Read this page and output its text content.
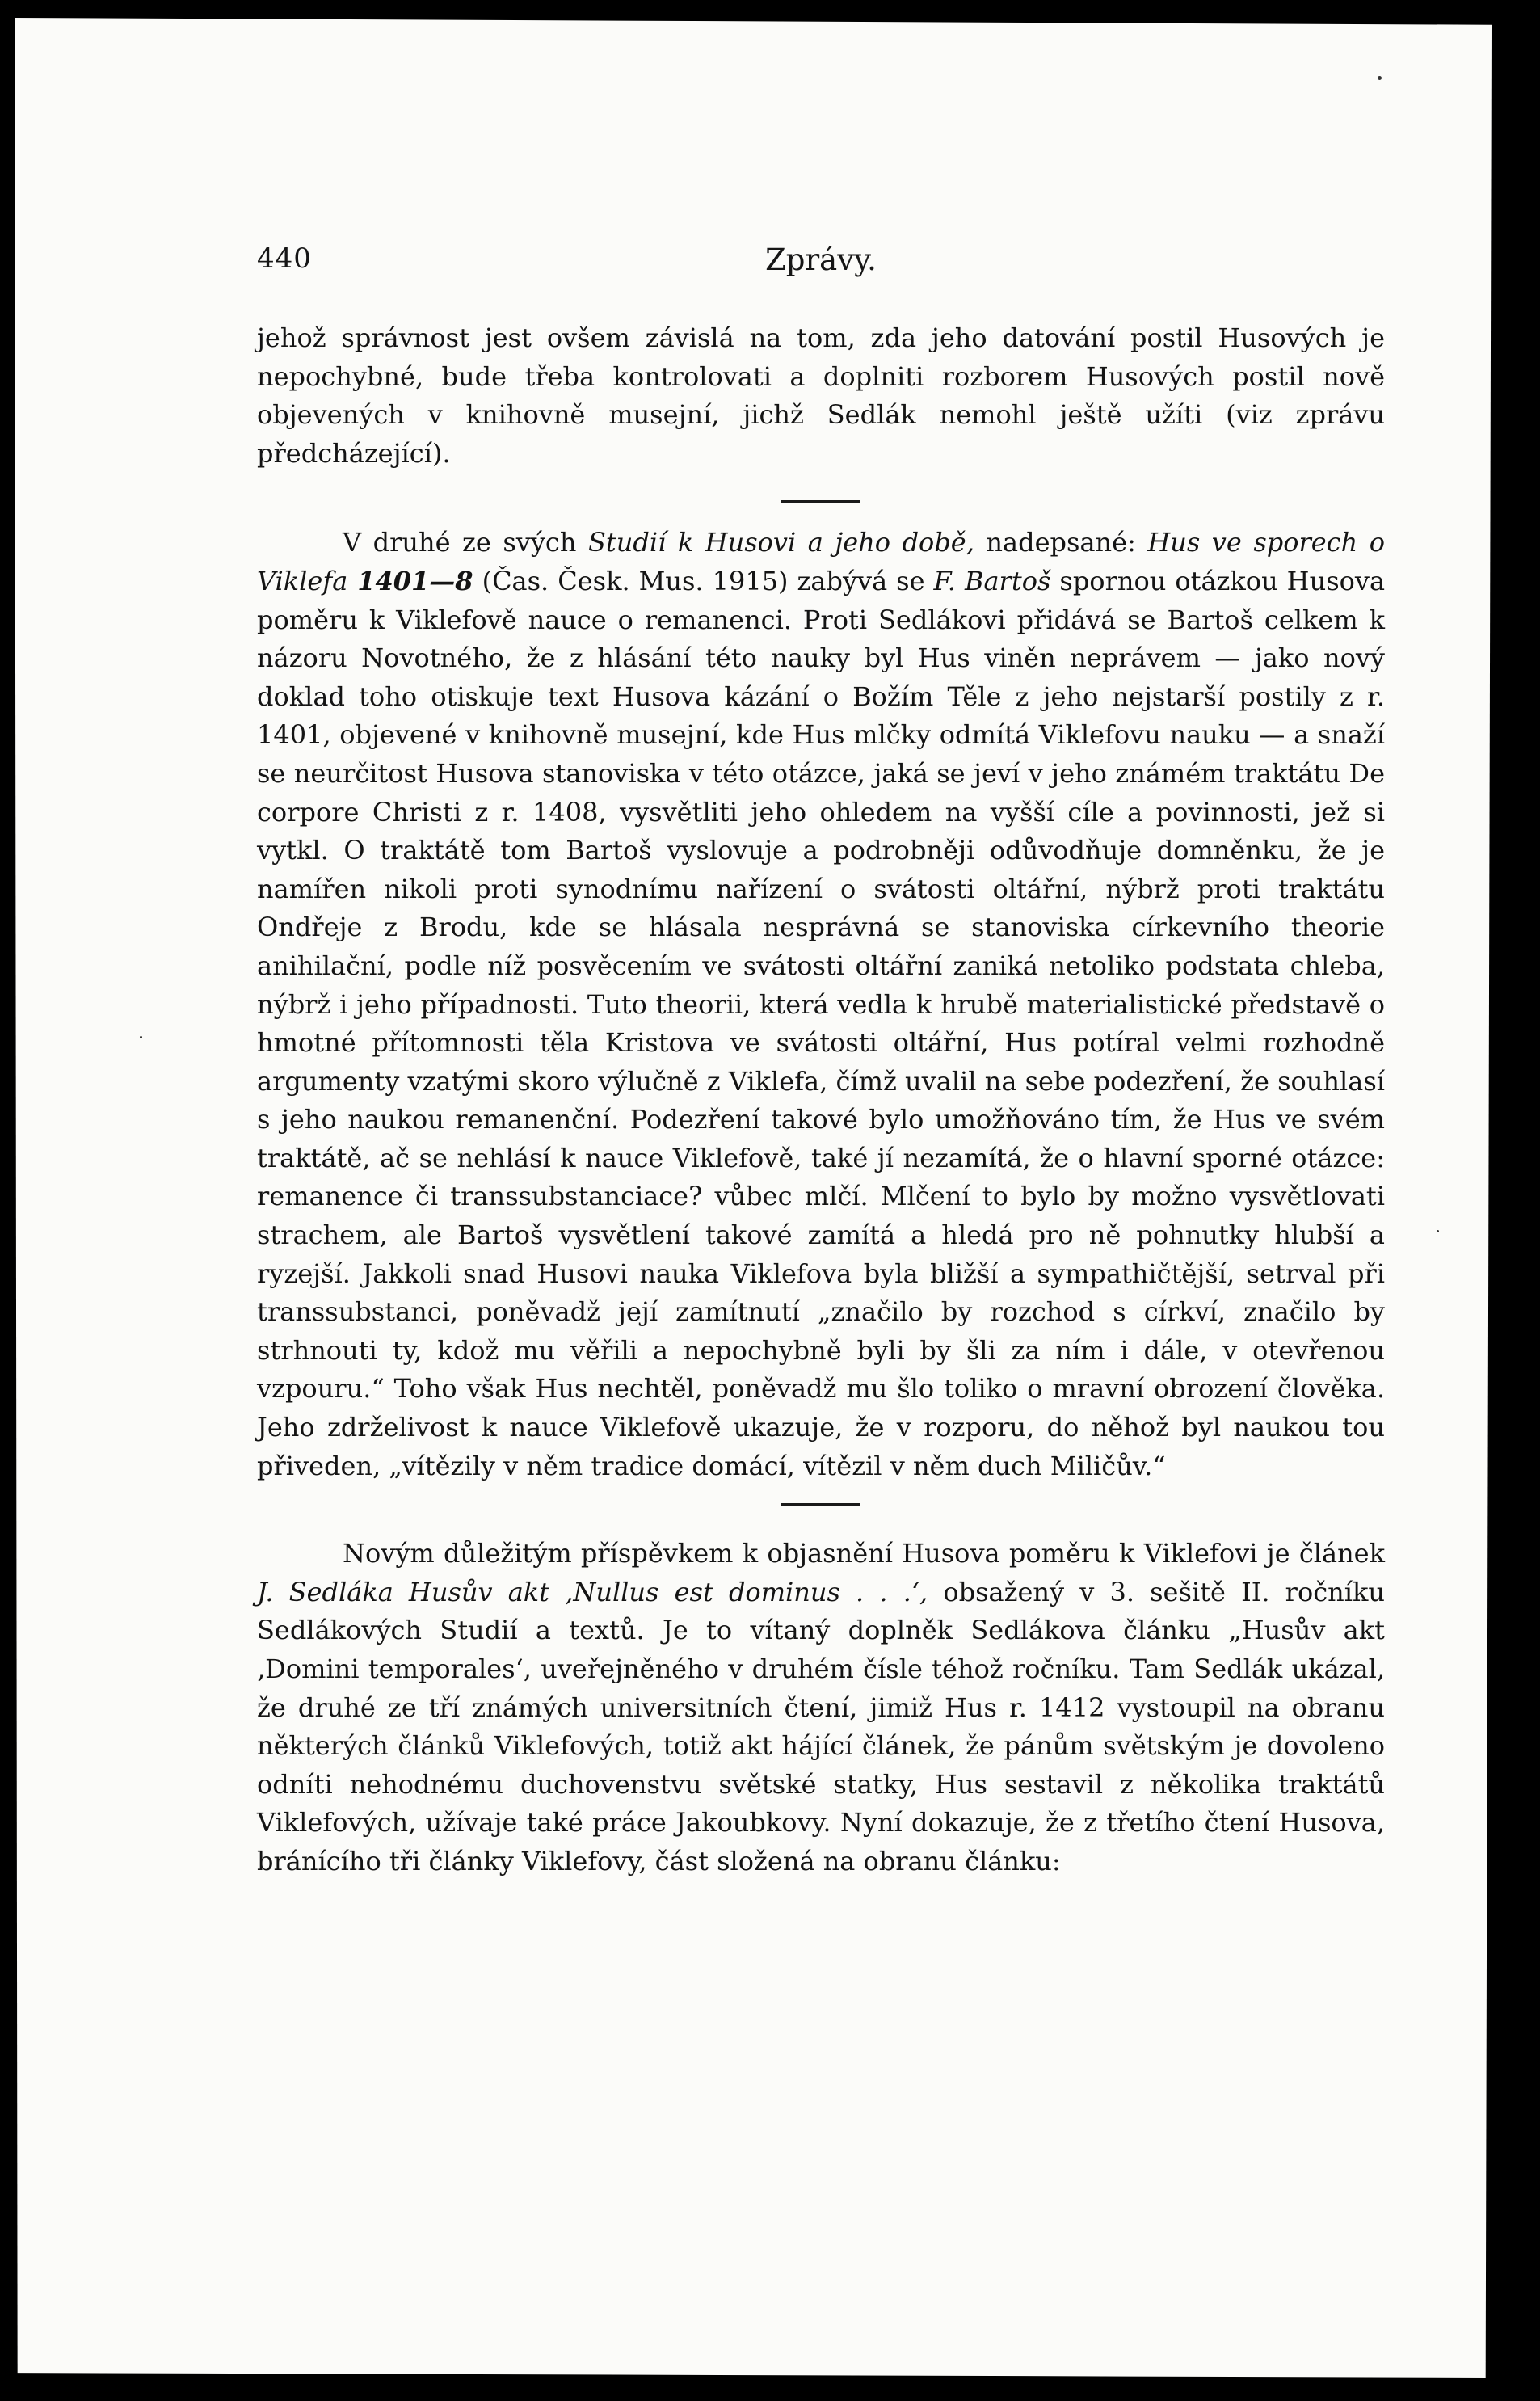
440	Zprávy.

jehož správnost jest ovšem závislá na tom, zda jeho datování postil Husových je nepochybné, bude třeba kontrolovati a doplniti rozborem Husových postil nově objevených v knihovně musejní, jichž Sedlák nemohl ještě užíti (viz zprávu předcházející).

V druhé ze svých Studií k Husovi a jeho době, nadepsané: Hus ve sporech o Viklefa 1401—8 (Čas. Česk. Mus. 1915) zabývá se F. Bartoš spornou otázkou Husova poměru k Viklefově nauce o remanenci. Proti Sedlákovi přidává se Bartoš celkem k názoru Novotného, že z hlásání této nauky byl Hus viněn neprávem — jako nový doklad toho otiskuje text Husova kázání o Božím Těle z jeho nejstarší postily z r. 1401, objevené v knihovně musejní, kde Hus mlčky odmítá Viklefovu nauku — a snaží se neurčitost Husova stanoviska v této otázce, jaká se jeví v jeho známém traktátu De corpore Christi z r. 1408, vysvětliti jeho ohledem na vyšší cíle a povinnosti, jež si vytkl. O traktátě tom Bartoš vyslovuje a podrobněji odůvodňuje domněnku, že je namířen nikoli proti synodnímu nařízení o svátosti oltářní, nýbrž proti traktátu Ondřeje z Brodu, kde se hlásala nesprávná se stanoviska církevního theorie anihilační, podle níž posvěcením ve svátosti oltářní zaniká netoliko podstata chleba, nýbrž i jeho případnosti. Tuto theorii, která vedla k hrubě materialistické představě o hmotné přítomnosti těla Kristova ve svátosti oltářní, Hus potíral velmi rozhodně argumenty vzatými skoro výlučně z Viklefa, čímž uvalil na sebe podezření, že souhlasí s jeho naukou remanenční. Podezření takové bylo umožňováno tím, že Hus ve svém traktátě, ač se nehlásí k nauce Viklefově, také jí nezamítá, že o hlavní sporné otázce: remanence či transsubstanciace? vůbec mlčí. Mlčení to bylo by možno vysvětlovati strachem, ale Bartoš vysvětlení takové zamítá a hledá pro ně pohnutky hlubší a ryzejší. Jakkoli snad Husovi nauka Viklefova byla bližší a sympathičtější, setrval při transsubstanci, poněvadž její zamítnutí „značilo by rozchod s církví, značilo by strhnouti ty, kdož mu věřili a nepochybně byli by šli za ním i dále, v otevřenou vzpouru.“ Toho však Hus nechtěl, poněvadž mu šlo toliko o mravní obrození člověka. Jeho zdrželivost k nauce Viklefově ukazuje, že v rozporu, do něhož byl naukou tou přiveden, „vítězily v něm tradice domácí, vítězil v něm duch Miličův.“

Novým důležitým příspěvkem k objasnění Husova poměru k Viklefovi je článek J. Sedláka Husův akt ‚Nullus est dominus . . .‘, obsažený v 3. sešitě II. ročníku Sedlákových Studií a textů. Je to vítaný doplněk Sedlákova článku „Husův akt ‚Domini temporales‘, uveřejněného v druhém čísle téhož ročníku. Tam Sedlák ukázal, že druhé ze tří známých universitních čtení, jimiž Hus r. 1412 vystoupil na obranu některých článků Viklefových, totiž akt hájící článek, že pánům světským je dovoleno odníti nehodnému duchovenstvu světské statky, Hus sestavil z několika traktátů Viklefových, užívaje také práce Jakoubkovy. Nyní dokazuje, že z třetího čtení Husova, bránícího tři články Viklefovy, část složená na obranu článku:
